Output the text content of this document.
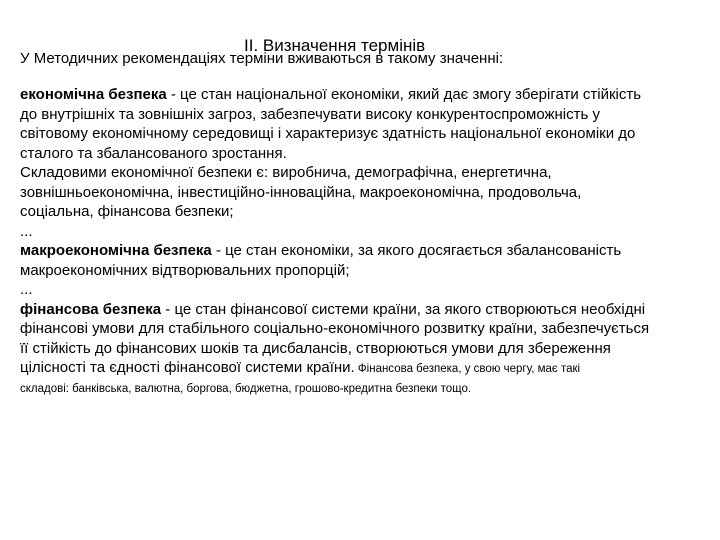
II. Визначення термінів
У Методичних рекомендаціях терміни вживаються в такому значенні:
економічна безпека - це стан національної економіки, який дає змогу зберігати стійкість
до внутрішніх та зовнішніх загроз, забезпечувати високу конкурентоспроможність у
світовому економічному середовищі і характеризує здатність національної економіки до
сталого та збалансованого зростання.
Складовими економічної безпеки є: виробнича, демографічна, енергетична,
зовнішньоекономічна, інвестиційно-інноваційна, макроекономічна, продовольча,
соціальна, фінансова безпеки;
...
макроекономічна безпека - це стан економіки, за якого досягається збалансованість
макроекономічних відтворювальних пропорцій;
...
фінансова безпека - це стан фінансової системи країни, за якого створюються необхідні
фінансові умови для стабільного соціально-економічного розвитку країни, забезпечується
її стійкість до фінансових шоків та дисбалансів, створюються умови для збереження
цілісності та єдності фінансової системи країни. Фінансова безпека, у свою чергу, має такі
складові: банківська, валютна, боргова, бюджетна, грошово-кредитна безпеки тощо.
